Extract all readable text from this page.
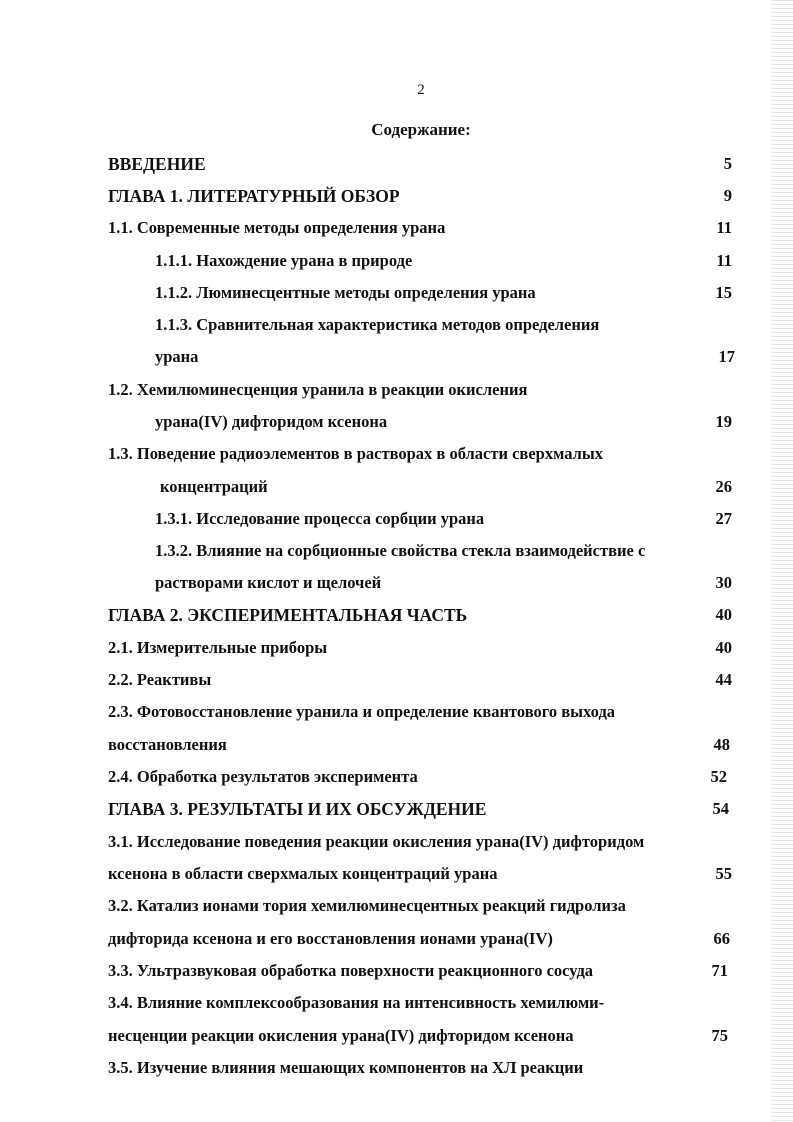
2
Содержание:
ВВЕДЕНИЕ	5
ГЛАВА 1. ЛИТЕРАТУРНЫЙ ОБЗОР	9
1.1. Современные методы определения урана	11
1.1.1. Нахождение урана в природе	11
1.1.2. Люминесцентные методы определения урана	15
1.1.3. Сравнительная характеристика методов определения
урана	17
1.2. Хемилюминесценция уранила в реакции окисления
урана(IV) дифторидом ксенона	19
1.3. Поведение радиоэлементов в растворах в области сверхмалых
концентраций	26
1.3.1. Исследование процесса сорбции урана	27
1.3.2. Влияние на сорбционные свойства стекла взаимодействие с
растворами кислот и щелочей	30
ГЛАВА 2. ЭКСПЕРИМЕНТАЛЬНАЯ ЧАСТЬ	40
2.1. Измерительные приборы	40
2.2. Реактивы	44
2.3. Фотовосстановление уранила и определение квантового выхода
восстановления	48
2.4. Обработка результатов эксперимента	52
ГЛАВА 3. РЕЗУЛЬТАТЫ И ИХ ОБСУЖДЕНИЕ	54
3.1. Исследование поведения реакции окисления урана(IV) дифторидом
ксенона в области сверхмалых концентраций урана	55
3.2. Катализ ионами тория хемилюминесцентных реакций гидролиза
дифторида ксенона и его восстановления ионами урана(IV)	66
3.3. Ультразвуковая обработка поверхности реакционного сосуда	71
3.4. Влияние комплексообразования на интенсивность хемилюми-
несценции реакции окисления урана(IV) дифторидом ксенона	75
3.5. Изучение влияния мешающих компонентов на ХЛ реакции
